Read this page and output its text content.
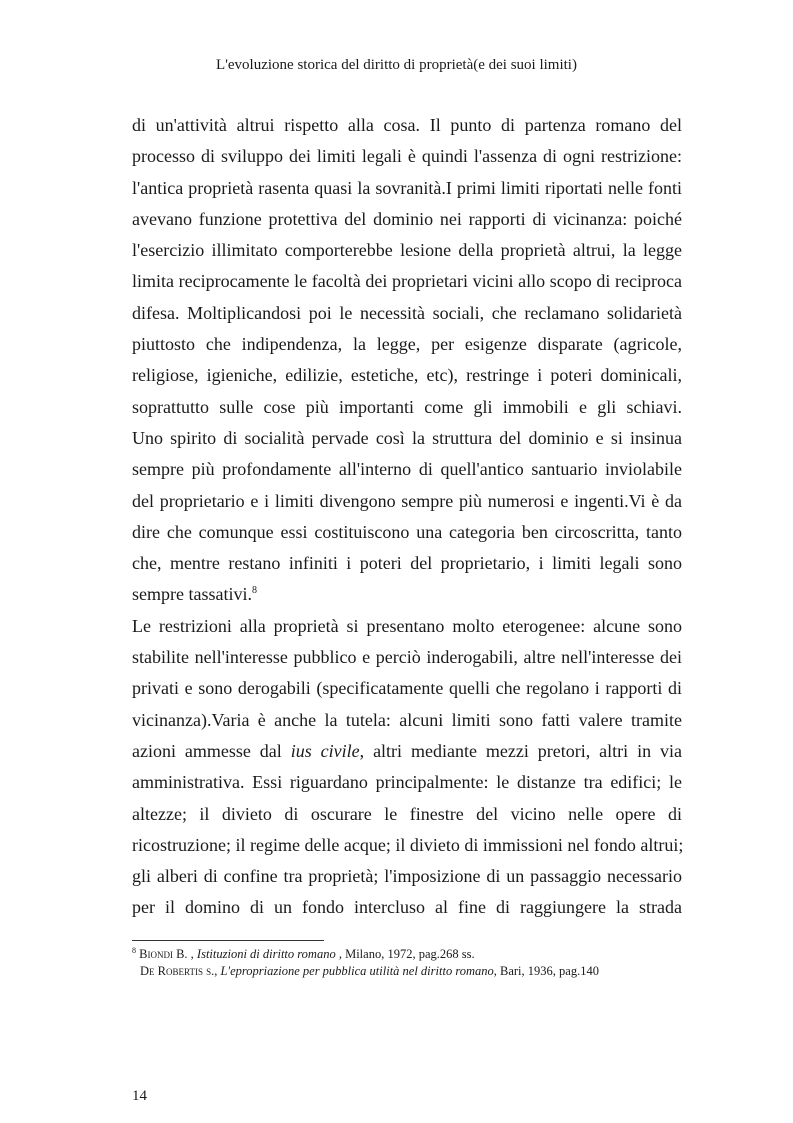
L'evoluzione storica del diritto di proprietà(e dei suoi limiti)
di un'attività altrui rispetto alla cosa. Il punto di partenza romano del
processo di sviluppo dei limiti legali è quindi l'assenza di ogni restrizione:
l'antica proprietà rasenta quasi la sovranità.I primi limiti riportati nelle fonti
avevano funzione protettiva del dominio nei rapporti di vicinanza: poiché
l'esercizio illimitato comporterebbe lesione della proprietà altrui, la legge
limita reciprocamente le facoltà dei proprietari vicini allo scopo di reciproca
difesa. Moltiplicandosi poi le necessità sociali, che reclamano solidarietà
piuttosto che indipendenza, la legge, per esigenze disparate (agricole,
religiose, igieniche, edilizie, estetiche, etc), restringe i poteri dominicali,
soprattutto sulle cose più importanti come gli immobili e gli schiavi.
Uno spirito di socialità pervade così la struttura del dominio e si insinua
sempre più profondamente all'interno di quell'antico santuario inviolabile
del proprietario e i limiti divengono sempre più numerosi e ingenti.Vi è da
dire che comunque essi costituiscono una categoria ben circoscritta, tanto
che, mentre restano infiniti i poteri del proprietario, i limiti legali sono
sempre tassativi.$^8$
Le restrizioni alla proprietà si presentano molto eterogenee: alcune sono
stabilite nell'interesse pubblico e perciò inderogabili, altre nell'interesse dei
privati e sono derogabili (specificatamente quelli che regolano i rapporti di
vicinanza).Varia è anche la tutela: alcuni limiti sono fatti valere tramite
azioni ammesse dal ius civile, altri mediante mezzi pretori, altri in via
amministrativa. Essi riguardano principalmente: le distanze tra edifici; le
altezze; il divieto di oscurare le finestre del vicino nelle opere di
ricostruzione; il regime delle acque; il divieto di immissioni nel fondo altrui;
gli alberi di confine tra proprietà; l'imposizione di un passaggio necessario
per il domino di un fondo intercluso al fine di raggiungere la strada
$^8$ Biondi B. , Istituzioni di diritto romano , Milano, 1972, pag.268 ss.
De Robertis s., L'epropriazione per pubblica utilità nel diritto romano, Bari, 1936, pag.140
14
